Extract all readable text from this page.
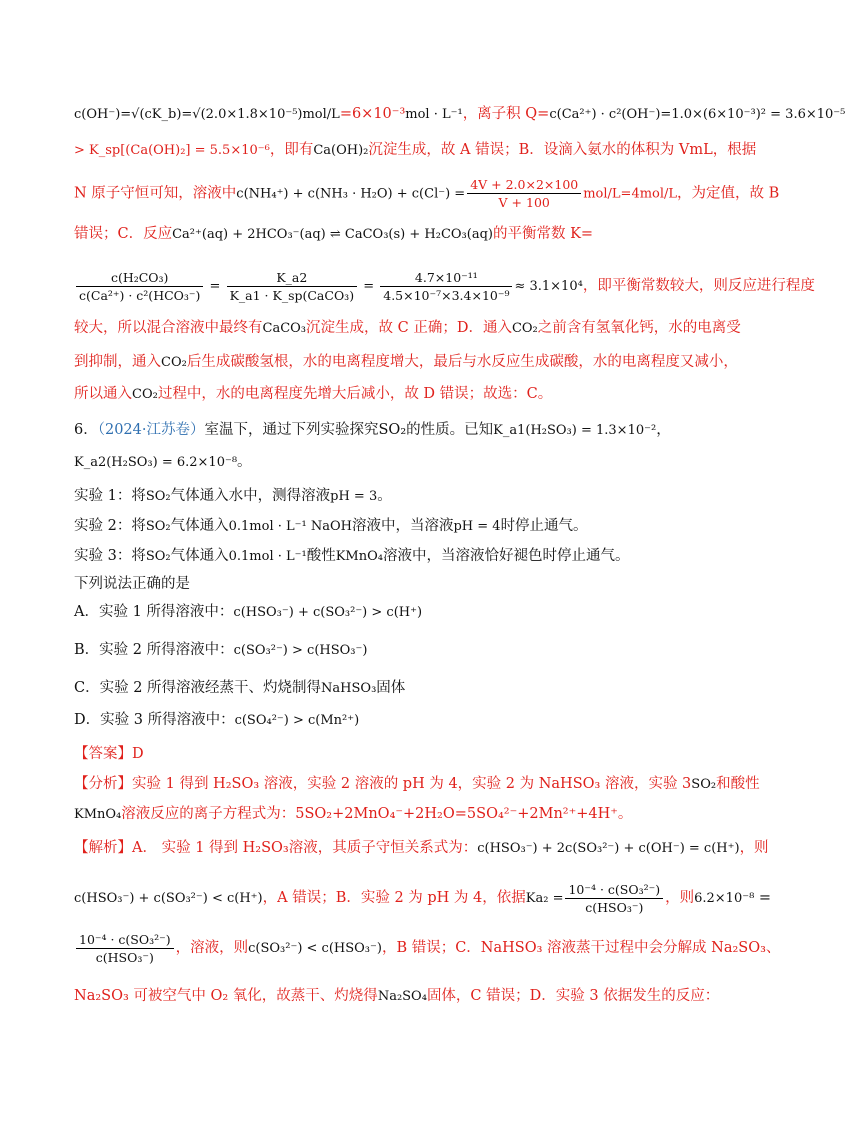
c(OH⁻)=√(cK_b)=√(2.0×1.8×10⁻⁵)mol/L=6×10⁻³mol · L⁻¹，离子积 Q=c(Ca²⁺) · c²(OH⁻)=1.0×(6×10⁻³)² = 3.6×10⁻⁵
> K_sp[(Ca(OH)₂] = 5.5×10⁻⁶，即有Ca(OH)₂沉淀生成，故 A 错误；B．设滴入氨水的体积为 VmL，根据
N 原子守恒可知，溶液中$c(NH_4^+) + c(NH_3 \cdot H_2O) + c(Cl^-) = \frac{4V + 2.0\times 2\times 100}{V + 100} mol/L=4mol/L$，为定值，故 B
错误；C．反应Ca²⁺(aq) + 2HCO₃⁻(aq) ⇌ CaCO₃(s) + H₂CO₃(aq)的平衡常数 K=
$\frac{\text{c(H₂CO₃)}}{\text{c(Ca²⁺) · c²(HCO₃⁻)}} = \frac{K\_a2}{\text{K\_a1 · K\_sp(CaCO₃)}} = \frac{\text{4.7×10⁻¹¹}}{\text{4.5×10⁻⁷×3.4×10⁻⁹}} \approx 3.1\times 10^4$，即平衡常数较大，则反应进行程度
较大，所以混合溶液中最终有CaCO₃沉淀生成，故 C 正确；D．通入CO₂之前含有氢氧化钙，水的电离受
到抑制，通入CO₂后生成碳酸氢根，水的电离程度增大，最后与水反应生成碳酸，水的电离程度又减小，
所以通入CO₂过程中，水的电离程度先增大后减小，故 D 错误；故选：C。
6．（2024·江苏卷）室温下，通过下列实验探究SO₂的性质。已知K_a1(H₂SO₃) = 1.3×10⁻²，
K_a2(H₂SO₃) = 6.2×10⁻⁸。
实验 1：将SO₂气体通入水中，测得溶液pH = 3。
实验 2：将SO₂气体通入0.1mol · L⁻¹ NaOH溶液中，当溶液pH = 4时停止通气。
实验 3：将SO₂气体通入0.1mol · L⁻¹酸性KMnO₄溶液中，当溶液恰好褪色时停止通气。
下列说法正确的是
A．实验 1 所得溶液中：c(HSO₃⁻) + c(SO₃²⁻) > c(H⁺)
B．实验 2 所得溶液中：c(SO₃²⁻) > c(HSO₃⁻)
C．实验 2 所得溶液经蒸干、灼烧制得NaHSO₃固体
D．实验 3 所得溶液中：c(SO₄²⁻) > c(Mn²⁺)
【答案】D
【分析】实验 1 得到 H₂SO₃ 溶液，实验 2 溶液的 pH 为 4，实验 2 为 NaHSO₃ 溶液，实验 3SO₂和酸性
KMnO₄溶液反应的离子方程式为：5SO₂+2MnO₄⁻+2H₂O=5SO₄²⁻+2Mn²⁺+4H⁺。
【解析】A． 实验 1 得到 H₂SO₃溶液，其质子守恒关系式为：c(HSO₃⁻) + 2c(SO₃²⁻) + c(OH⁻) = c(H⁺)，则
c(HSO₃⁻) + c(SO₃²⁻) < c(H⁺)，A 错误；B．实验 2 为 pH 为 4，依据$Ka_2 = \frac{\text{10⁻⁴ · c(SO₃²⁻)}}{\text{c(HSO₃⁻)}}$ ，则6.2×10⁻⁸ =
$\frac{\text{10⁻⁴ · c(SO₃²⁻)}}{\text{c(HSO₃⁻)}}$ ，溶液，则c(SO₃²⁻) < c(HSO₃⁻)，B 错误；C．NaHSO₃ 溶液蒸干过程中会分解成 Na₂SO₃、
Na₂SO₃ 可被空气中 O₂ 氧化，故蒸干、灼烧得Na₂SO₄固体，C 错误；D．实验 3 依据发生的反应：
